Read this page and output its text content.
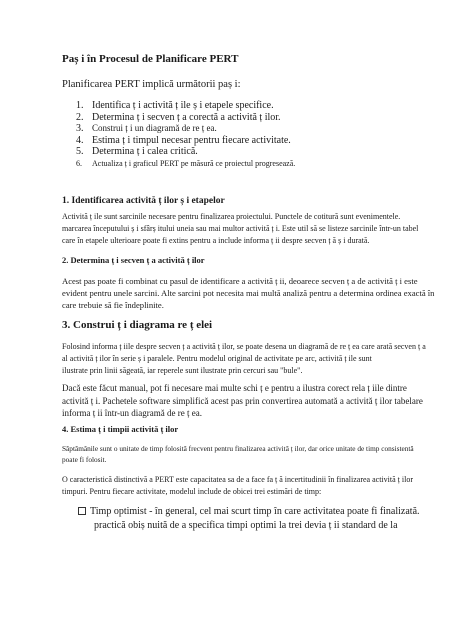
Paș i în Procesul de Planificare PERT
Planificarea PERT implică următorii paș i:
1. Identifica ț i activită ț ile ș i etapele specifice.
2. Determina ț i secven ț a corectă a activită ț ilor.
3. Construi ț i un diagramă de re ț ea.
4. Estima ț i timpul necesar pentru fiecare activitate.
5. Determina ț i calea critică.
6. Actualiza ț i graficul PERT pe măsură ce proiectul progresează.
1. Identificarea activită ț ilor ș i etapelor
Activită ț ile sunt sarcinile necesare pentru finalizarea proiectului. Punctele de cotitură sunt evenimentele.
marcarea începutului ș i sfârș itului uneia sau mai multor activită ț i. Este util să se listeze sarcinile într-un tabel
care în etapele ulterioare poate fi extins pentru a include informa ț ii despre secven ț ă ș i durată.
2. Determina ț i secven ț a activită ț ilor
Acest pas poate fi combinat cu pasul de identificare a activită ț ii, deoarece secven ț a de activită ț i este
evident pentru unele sarcini. Alte sarcini pot necesita mai multă analiză pentru a determina ordinea exactă în
care trebuie să fie îndeplinite.
3. Construi ț i diagrama re ț elei
Folosind informa ț iile despre secven ț a activită ț ilor, se poate desena un diagramă de re ț ea care arată secven ț a
al activită ț ilor în serie ș i paralele. Pentru modelul original de activitate pe arc, activită ț ile sunt
ilustrate prin linii săgeată, iar reperele sunt ilustrate prin cercuri sau "bule".
Dacă este făcut manual, pot fi necesare mai multe schi ț e pentru a ilustra corect rela ț iile dintre
activită ț i. Pachetele software simplifică acest pas prin convertirea automată a activită ț ilor tabelare
informa ț ii într-un diagramă de re ț ea.
4. Estima ț i timpii activită ț ilor
Săptămânile sunt o unitate de timp folosită frecvent pentru finalizarea activită ț ilor, dar orice unitate de timp consistentă
poate fi folosit.
O caracteristică distinctivă a PERT este capacitatea sa de a face fa ț ă incertitudinii în finalizarea activită ț ilor
timpuri. Pentru fiecare activitate, modelul include de obicei trei estimări de timp:
Timp optimist - în general, cel mai scurt timp în care activitatea poate fi finalizată.
practică obiș nuită de a specifica timpi optimi la trei devia ț ii standard de la
